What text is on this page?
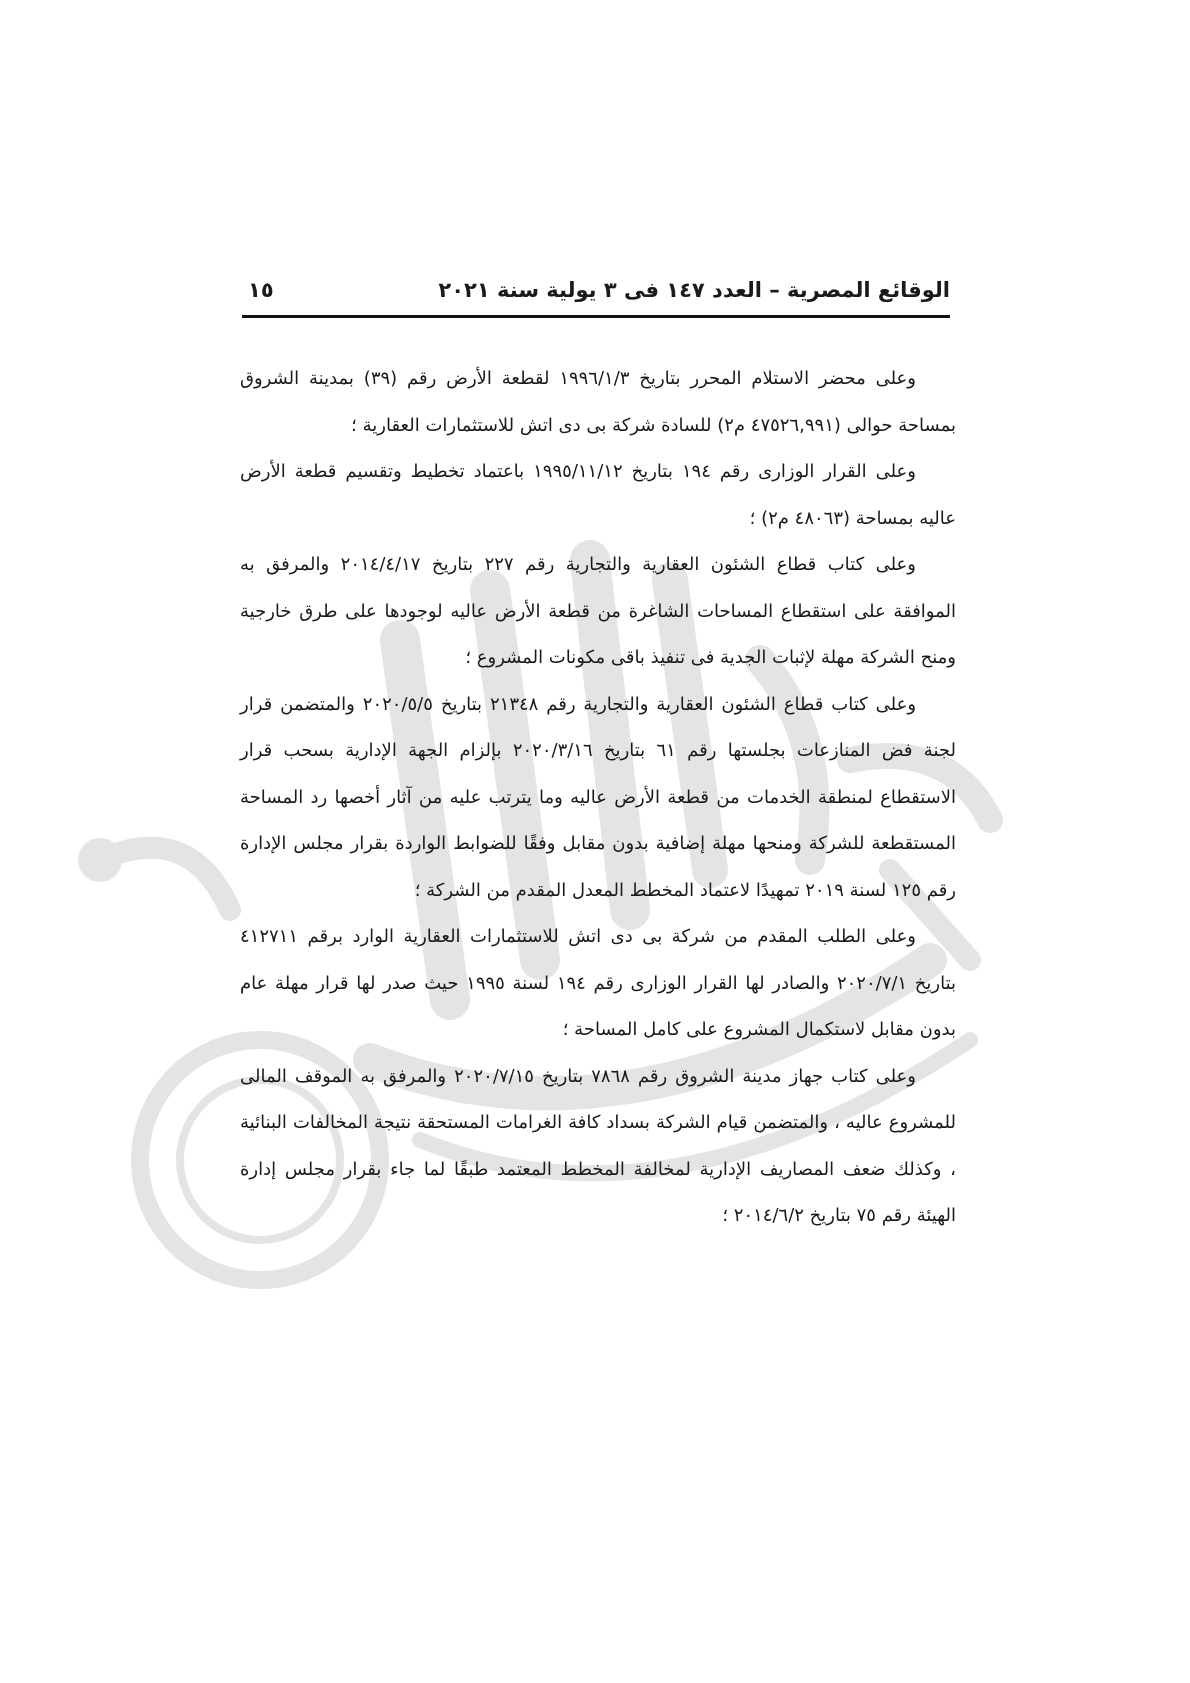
الوقائع المصرية – العدد ١٤٧ فى ٣ يولية سنة ٢٠٢١
١٥

وعلى محضر الاستلام المحرر بتاريخ ١٩٩٦/١/٣ لقطعة الأرض رقم (٣٩) بمدينة الشروق بمساحة حوالى (٤٧٥٢٦,٩٩١ م٢) للسادة شركة بى دى اتش للاستثمارات العقارية ؛

وعلى القرار الوزارى رقم ١٩٤ بتاريخ ١٩٩٥/١١/١٢ باعتماد تخطيط وتقسيم قطعة الأرض عاليه بمساحة (٤٨٠٦٣ م٢) ؛

وعلى كتاب قطاع الشئون العقارية والتجارية رقم ٢٢٧ بتاريخ ٢٠١٤/٤/١٧ والمرفق به الموافقة على استقطاع المساحات الشاغرة من قطعة الأرض عاليه لوجودها على طرق خارجية ومنح الشركة مهلة لإثبات الجدية فى تنفيذ باقى مكونات المشروع ؛

وعلى كتاب قطاع الشئون العقارية والتجارية رقم ٢١٣٤٨ بتاريخ ٢٠٢٠/٥/٥ والمتضمن قرار لجنة فض المنازعات بجلستها رقم ٦١ بتاريخ ٢٠٢٠/٣/١٦ بإلزام الجهة الإدارية بسحب قرار الاستقطاع لمنطقة الخدمات من قطعة الأرض عاليه وما يترتب عليه من آثار أخصها رد المساحة المستقطعة للشركة ومنحها مهلة إضافية بدون مقابل وفقًا للضوابط الواردة بقرار مجلس الإدارة رقم ١٢٥ لسنة ٢٠١٩ تمهيدًا لاعتماد المخطط المعدل المقدم من الشركة ؛

وعلى الطلب المقدم من شركة بى دى اتش للاستثمارات العقارية الوارد برقم ٤١٢٧١١ بتاريخ ٢٠٢٠/٧/١ والصادر لها القرار الوزارى رقم ١٩٤ لسنة ١٩٩٥ حيث صدر لها قرار مهلة عام بدون مقابل لاستكمال المشروع على كامل المساحة ؛

وعلى كتاب جهاز مدينة الشروق رقم ٧٨٦٨ بتاريخ ٢٠٢٠/٧/١٥ والمرفق به الموقف المالى للمشروع عاليه ، والمتضمن قيام الشركة بسداد كافة الغرامات المستحقة نتيجة المخالفات البنائية ، وكذلك ضعف المصاريف الإدارية لمخالفة المخطط المعتمد طبقًا لما جاء بقرار مجلس إدارة الهيئة رقم ٧٥ بتاريخ ٢٠١٤/٦/٢ ؛
